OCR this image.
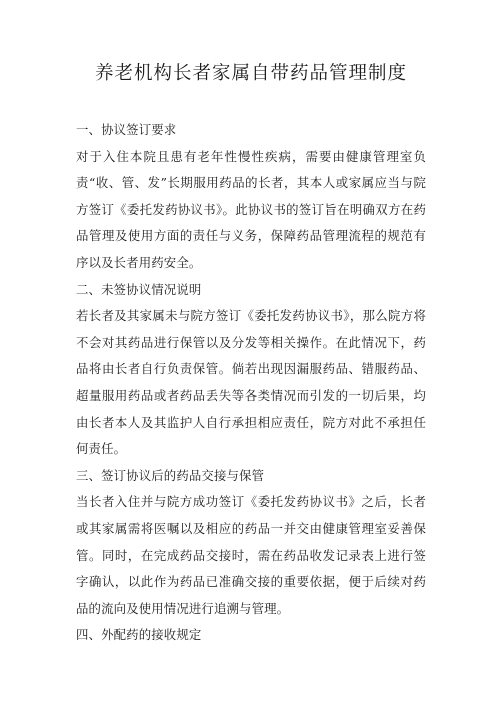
养老机构长者家属自带药品管理制度
一、协议签订要求

对于入住本院且患有老年性慢性疾病，需要由健康管理室负责“收、管、发”长期服用药品的长者，其本人或家属应当与院方签订《委托发药协议书》。此协议书的签订旨在明确双方在药品管理及使用方面的责任与义务，保障药品管理流程的规范有序以及长者用药安全。

二、未签协议情况说明

若长者及其家属未与院方签订《委托发药协议书》，那么院方将不会对其药品进行保管以及分发等相关操作。在此情况下，药品将由长者自行负责保管。倘若出现因漏服药品、错服药品、超量服用药品或者药品丢失等各类情况而引发的一切后果，均由长者本人及其监护人自行承担相应责任，院方对此不承担任何责任。

三、签订协议后的药品交接与保管

当长者入住并与院方成功签订《委托发药协议书》之后，长者或其家属需将医嘱以及相应的药品一并交由健康管理室妥善保管。同时，在完成药品交接时，需在药品收发记录表上进行签字确认，以此作为药品已准确交接的重要依据，便于后续对药品的流向及使用情况进行追溯与管理。

四、外配药的接收规定
